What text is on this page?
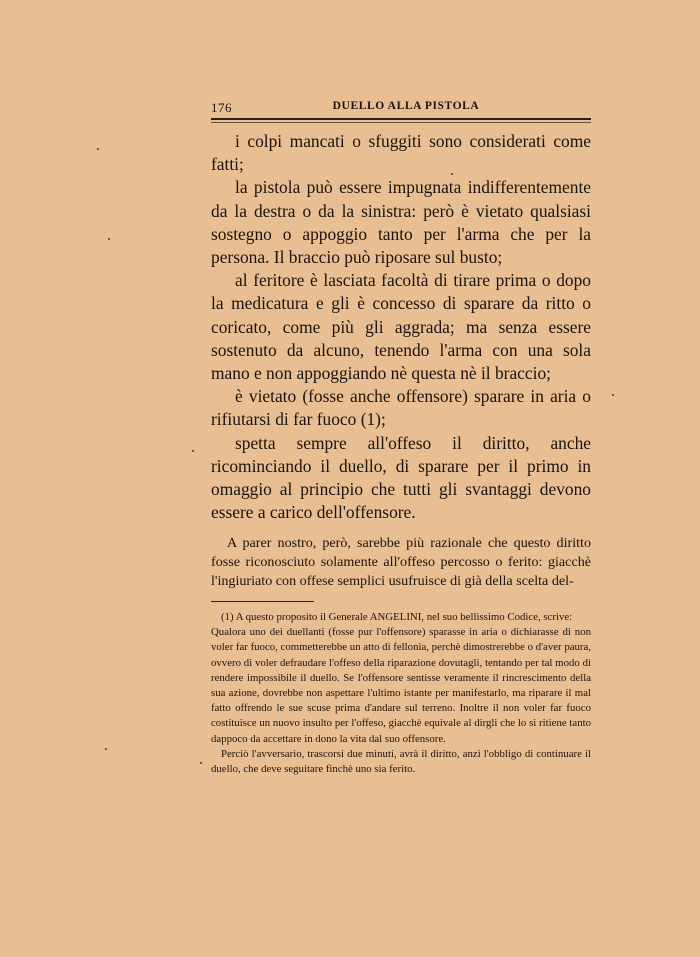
176	DUELLO ALLA PISTOLA

i colpi mancati o sfuggiti sono considerati come fatti;

la pistola può essere impugnata indifferentemente da la destra o da la sinistra: però è vietato qualsiasi sostegno o appoggio tanto per l'arma che per la persona. Il braccio può riposare sul busto;

al feritore è lasciata facoltà di tirare prima o dopo la medicatura e gli è concesso di sparare da ritto o coricato, come più gli aggrada; ma senza essere sostenuto da alcuno, tenendo l'arma con una sola mano e non appoggiando nè questa nè il braccio;

è vietato (fosse anche offensore) sparare in aria o rifiutarsi di far fuoco (1);

spetta sempre all'offeso il diritto, anche ricominciando il duello, di sparare per il primo in omaggio al principio che tutti gli svantaggi devono essere a carico dell'offensore.

A parer nostro, però, sarebbe più razionale che questo diritto fosse riconosciuto solamente all'offeso percosso o ferito: giacchè l'ingiuriato con offese semplici usufruisce di già della scelta del-

(1) A questo proposito il Generale ANGELINI, nel suo bellissimo Codice, scrive:

Qualora uno dei duellanti (fosse pur l'offensore) sparasse in aria o dichiarasse di non voler far fuoco, commetterebbe un atto di fellonia, perchè dimostrerebbe o d'aver paura, ovvero di voler defraudare l'offeso della riparazione dovutagli, tentando per tal modo di rendere impossibile il duello. Se l'offensore sentisse veramente il rincrescimento della sua azione, dovrebbe non aspettare l'ultimo istante per manifestarlo, ma riparare il mal fatto offrendo le sue scuse prima d'andare sul terreno. Inoltre il non voler far fuoco costituisce un nuovo insulto per l'offeso, giacchè equivale al dirgli che lo si ritiene tanto dappoco da accettare in dono la vita dal suo offensore.

Perciò l'avversario, trascorsi due minuti, avrà il diritto, anzi l'obbligo di continuare il duello, che deve seguitare finchè uno sia ferito.
